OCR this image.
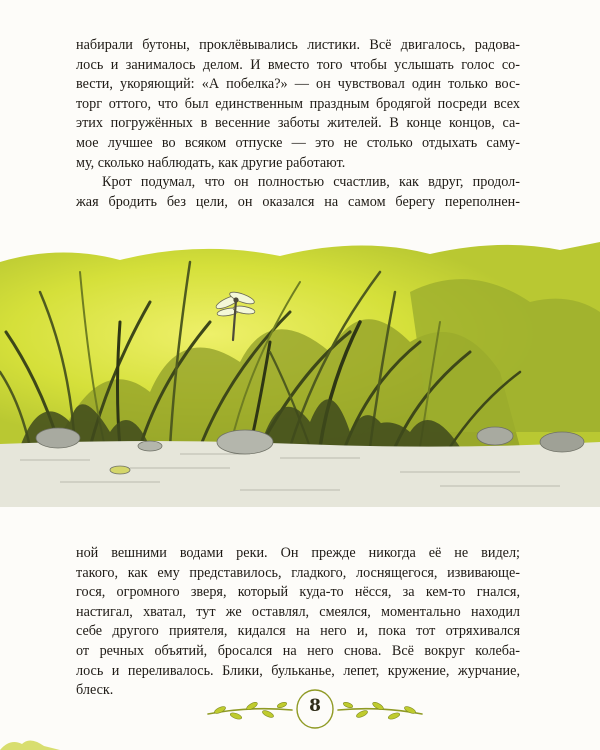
набирали бутоны, проклёвывались листики. Всё двигалось, радова-
лось и занималось делом. И вместо того чтобы услышать голос со-
вести, укоряющий: «А побелка?» — он чувствовал один только вос-
торг оттого, что был единственным праздным бродягой посреди всех
этих погружённых в весенние заботы жителей. В конце концов, са-
мое лучшее во всяком отпуске — это не столько отдыхать саму-
му, сколько наблюдать, как другие работают.
Крот подумал, что он полностью счастлив, как вдруг, продол-
жая бродить без цели, он оказался на самом берегу переполнен-
ной вешними водами реки. Он прежде никогда её не видел;
такого, как ему представилось, гладкого, лоснящегося, извивающе-
гося, огромного зверя, который куда-то нёсся, за кем-то гнался,
настигал, хватал, тут же оставлял, смеялся, моментально находил
себе другого приятеля, кидался на него и, пока тот отряхивался
от речных объятий, бросался на него снова. Всё вокруг колеба-
лось и переливалось. Блики, бульканье, лепет, кружение, журчание,
блеск.
8
